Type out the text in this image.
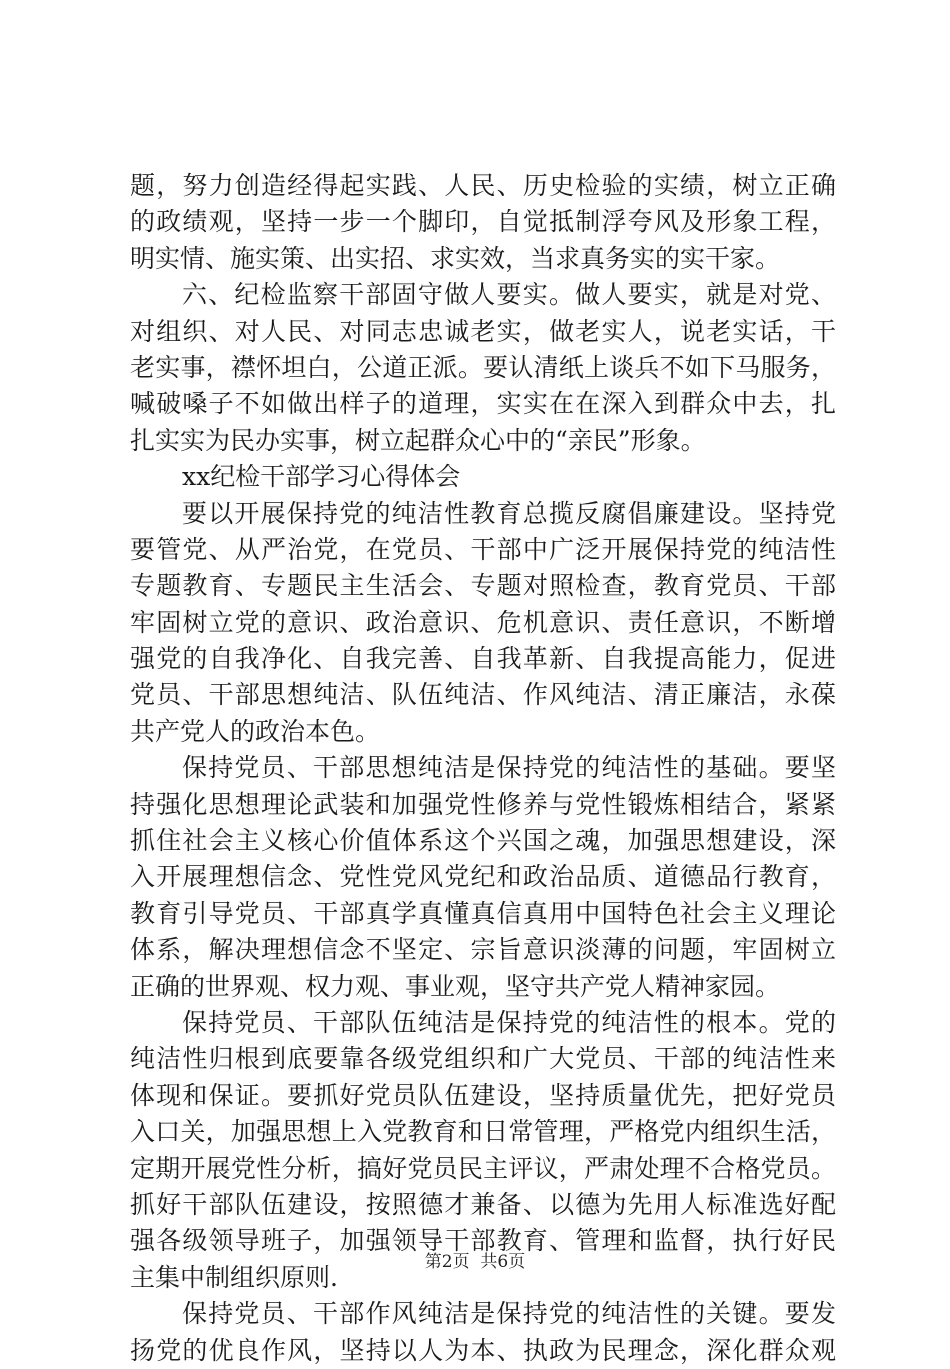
题，努力创造经得起实践、人民、历史检验的实绩，树立正确
的政绩观，坚持一步一个脚印，自觉抵制浮夸风及形象工程，
明实情、施实策、出实招、求实效，当求真务实的实干家。
六、纪检监察干部固守做人要实。做人要实，就是对党、
对组织、对人民、对同志忠诚老实，做老实人，说老实话，干
老实事，襟怀坦白，公道正派。要认清纸上谈兵不如下马服务，
喊破嗓子不如做出样子的道理，实实在在深入到群众中去，扎
扎实实为民办实事，树立起群众心中的“亲民”形象。
xx纪检干部学习心得体会
要以开展保持党的纯洁性教育总揽反腐倡廉建设。坚持党
要管党、从严治党，在党员、干部中广泛开展保持党的纯洁性
专题教育、专题民主生活会、专题对照检查，教育党员、干部
牢固树立党的意识、政治意识、危机意识、责任意识，不断增
强党的自我净化、自我完善、自我革新、自我提高能力，促进
党员、干部思想纯洁、队伍纯洁、作风纯洁、清正廉洁，永葆
共产党人的政治本色。
保持党员、干部思想纯洁是保持党的纯洁性的基础。要坚
持强化思想理论武装和加强党性修养与党性锻炼相结合，紧紧
抓住社会主义核心价值体系这个兴国之魂，加强思想建设，深
入开展理想信念、党性党风党纪和政治品质、道德品行教育，
教育引导党员、干部真学真懂真信真用中国特色社会主义理论
体系，解决理想信念不坚定、宗旨意识淡薄的问题，牢固树立
正确的世界观、权力观、事业观，坚守共产党人精神家园。
保持党员、干部队伍纯洁是保持党的纯洁性的根本。党的
纯洁性归根到底要靠各级党组织和广大党员、干部的纯洁性来
体现和保证。要抓好党员队伍建设，坚持质量优先，把好党员
入口关，加强思想上入党教育和日常管理，严格党内组织生活，
定期开展党性分析，搞好党员民主评议，严肃处理不合格党员。
抓好干部队伍建设，按照德才兼备、以德为先用人标准选好配
强各级领导班子，加强领导干部教育、管理和监督，执行好民
主集中制组织原则.
保持党员、干部作风纯洁是保持党的纯洁性的关键。要发
扬党的优良作风，坚持以人为本、执政为民理念，深化群众观
第2页 共6页
